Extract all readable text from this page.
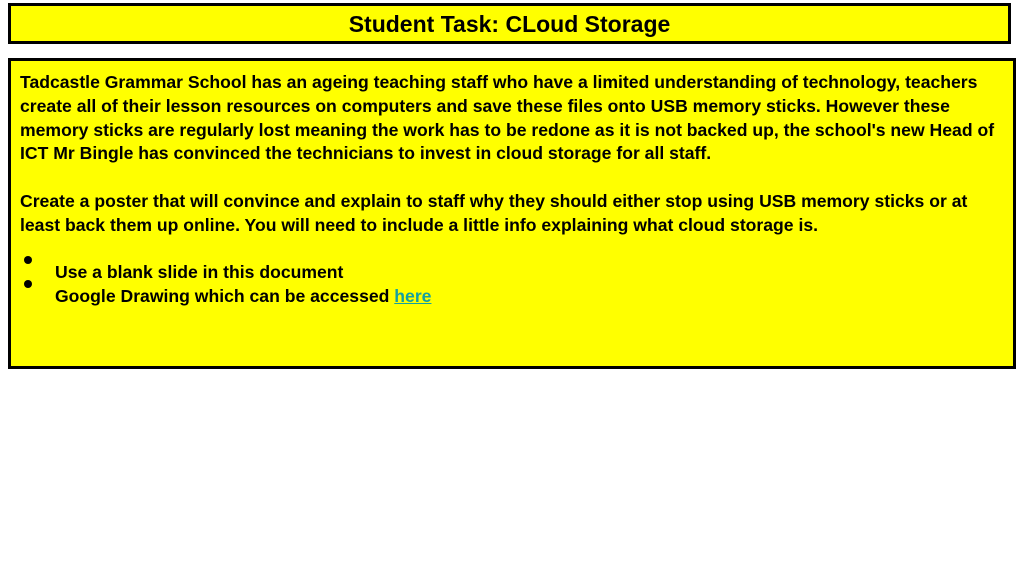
Student Task: CLoud Storage

Tadcastle Grammar School has an ageing teaching staff who have a limited understanding of technology, teachers create all of their lesson resources on computers and save these files onto USB memory sticks. However these memory sticks are regularly lost meaning the work has to be redone as it is not backed up, the school's new Head of ICT Mr Bingle has convinced the technicians to invest in cloud storage for all staff.

Create a poster that will convince and explain to staff why they should either stop using USB memory sticks or at least back them up online. You will need to include a little info explaining what cloud storage is.

Use a blank slide in this document
Google Drawing which can be accessed here
